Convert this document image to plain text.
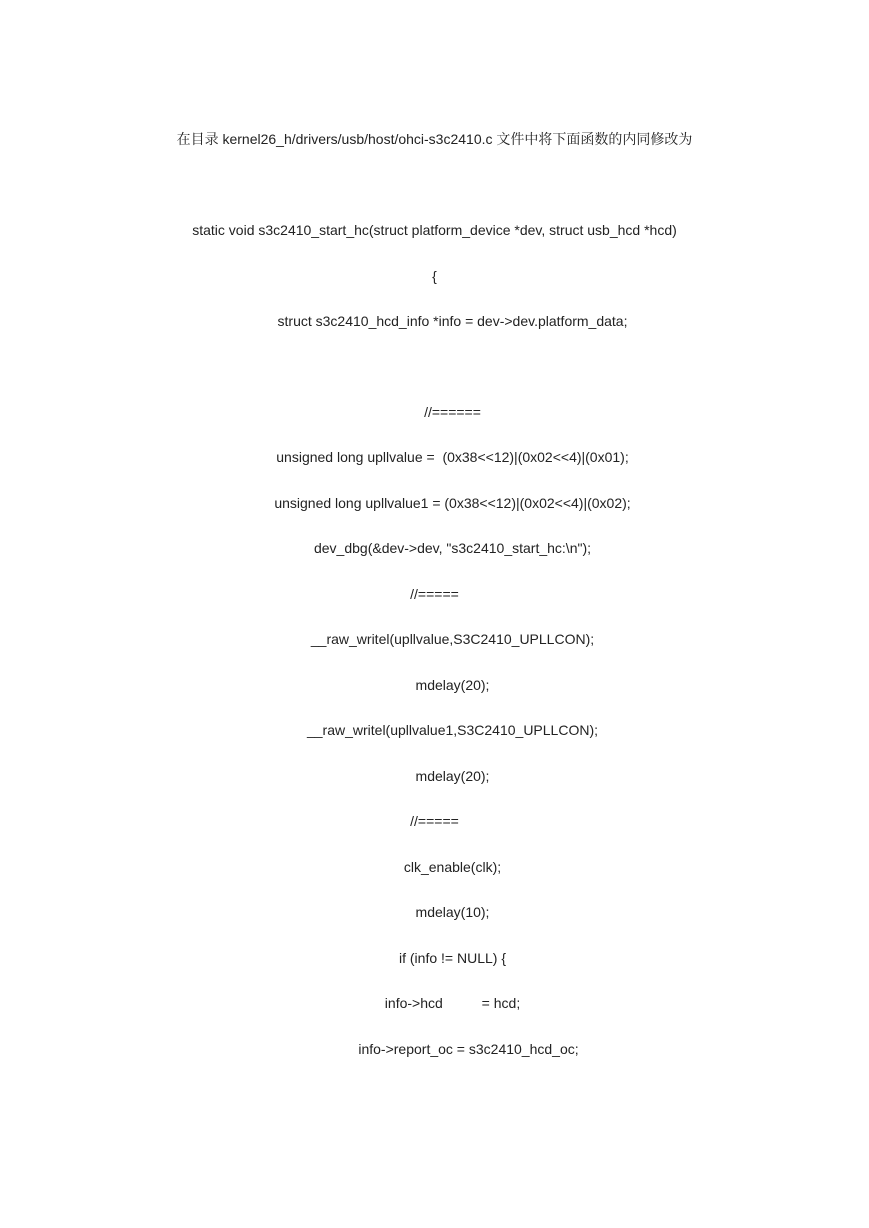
在目录 kernel26_h/drivers/usb/host/ohci-s3c2410.c 文件中将下面函数的内同修改为
static void s3c2410_start_hc(struct platform_device *dev, struct usb_hcd *hcd)
{
struct s3c2410_hcd_info *info = dev->dev.platform_data;
//======
unsigned long upllvalue =  (0x38<<12)|(0x02<<4)|(0x01);
unsigned long upllvalue1 = (0x38<<12)|(0x02<<4)|(0x02);
dev_dbg(&dev->dev, "s3c2410_start_hc:\n");
//=====
__raw_writel(upllvalue,S3C2410_UPLLCON);
mdelay(20);
__raw_writel(upllvalue1,S3C2410_UPLLCON);
mdelay(20);
//=====
clk_enable(clk);
mdelay(10);
if (info != NULL) {
info->hcd          = hcd;
info->report_oc = s3c2410_hcd_oc;
